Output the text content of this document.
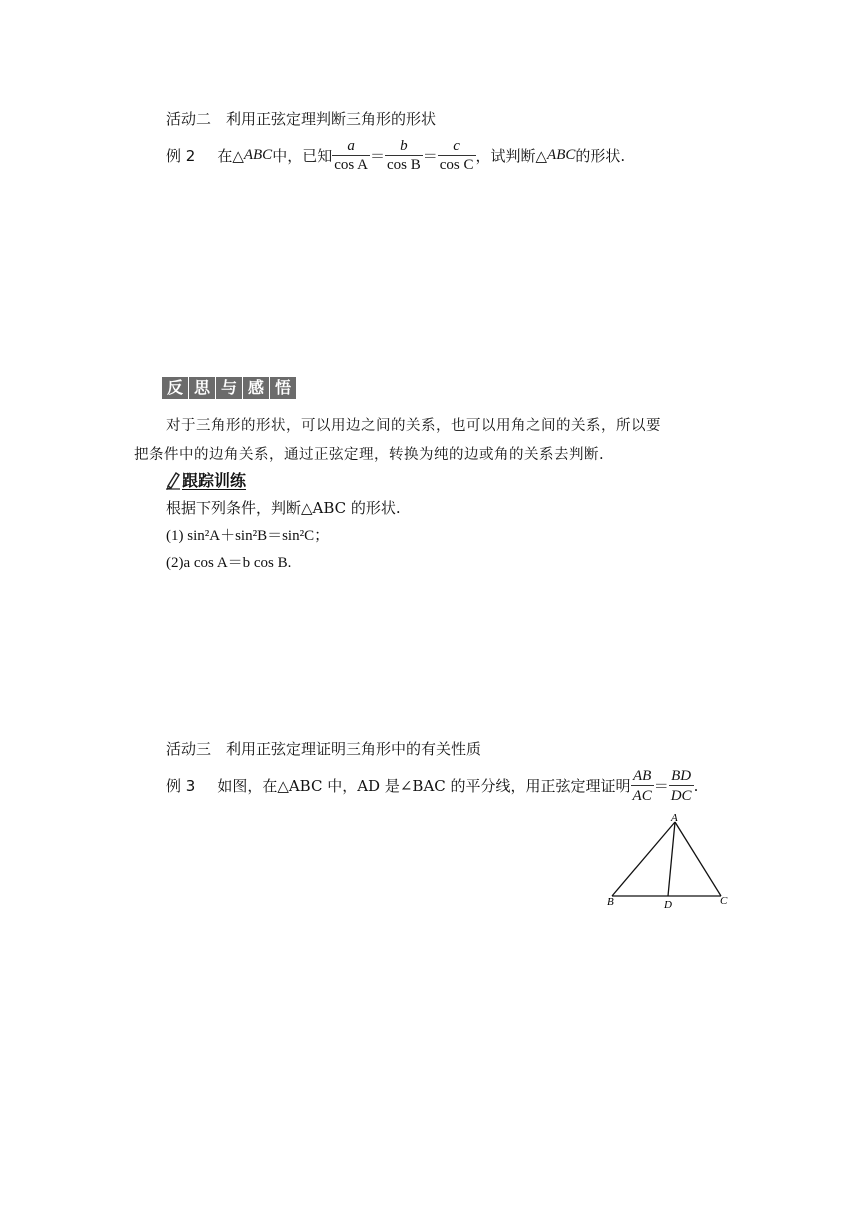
活动二　利用正弦定理判断三角形的形状
例 2 在△ ABC 中，已知 $\frac{a}{\text{cos A}} = \frac{b}{\text{cos B}} = \frac{c}{\text{cos C}}$ ，试判断△ ABC 的形状.
反 思 与 感 悟
对于三角形的形状，可以用边之间的关系，也可以用角之间的关系，所以要
把条件中的边角关系，通过正弦定理，转换为纯的边或角的关系去判断.
跟踪训练
根据下列条件，判断△ABC 的形状.
(1) sin²A＋sin²B＝sin²C；
(2)a cos A＝b cos B.
活动三　利用正弦定理证明三角形中的有关性质
例 3 如图，在△ABC 中，AD 是∠BAC 的平分线，用正弦定理证明 $\frac{AB}{AC} = \frac{BD}{DC}$ .
A
B	C
D
